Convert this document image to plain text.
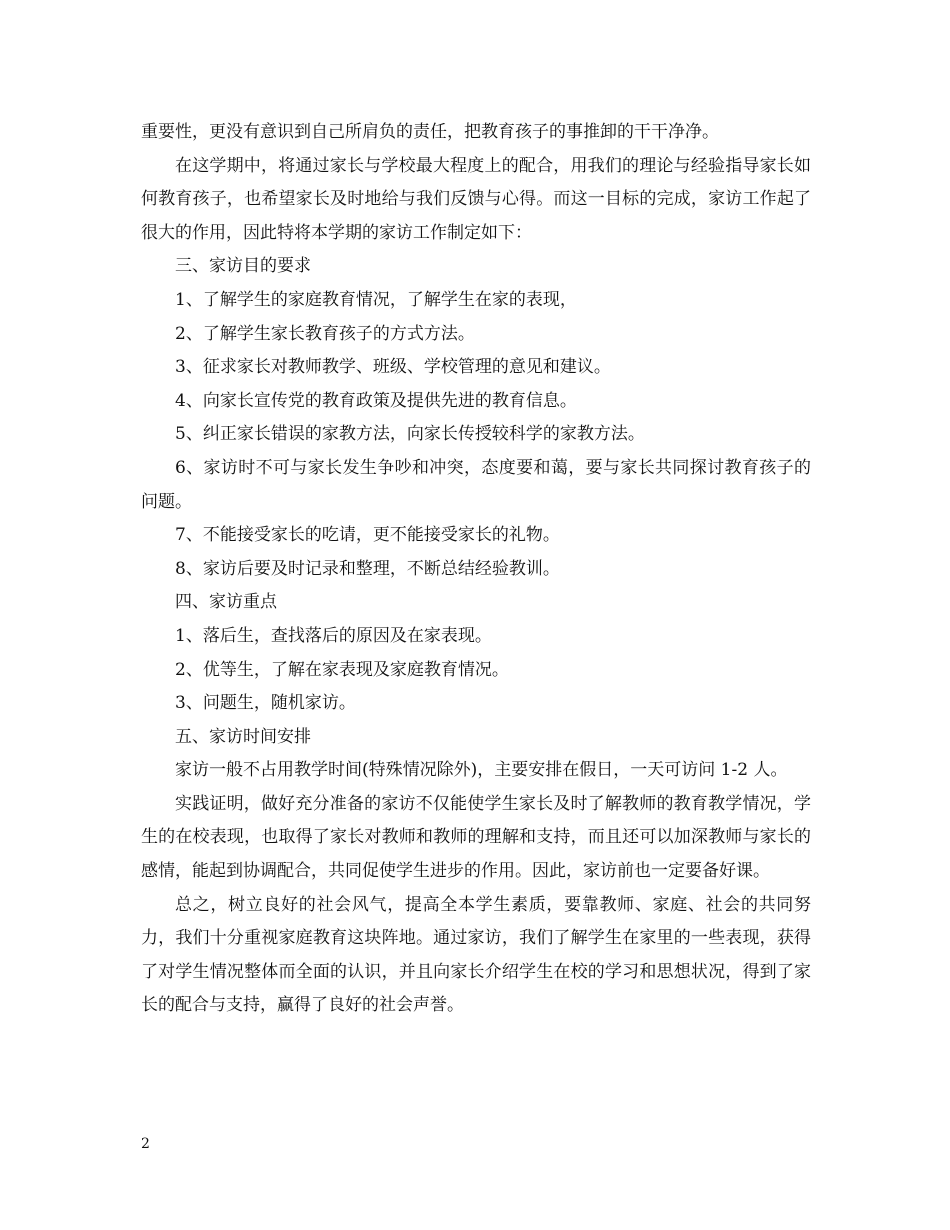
重要性，更没有意识到自己所肩负的责任，把教育孩子的事推卸的干干净净。

在这学期中，将通过家长与学校最大程度上的配合，用我们的理论与经验指导家长如何教育孩子，也希望家长及时地给与我们反馈与心得。而这一目标的完成，家访工作起了很大的作用，因此特将本学期的家访工作制定如下：

三、家访目的要求

1、了解学生的家庭教育情况，了解学生在家的表现，

2、了解学生家长教育孩子的方式方法。

3、征求家长对教师教学、班级、学校管理的意见和建议。

4、向家长宣传党的教育政策及提供先进的教育信息。

5、纠正家长错误的家教方法，向家长传授较科学的家教方法。

6、家访时不可与家长发生争吵和冲突，态度要和蔼，要与家长共同探讨教育孩子的问题。

7、不能接受家长的吃请，更不能接受家长的礼物。

8、家访后要及时记录和整理，不断总结经验教训。

四、家访重点

1、落后生，查找落后的原因及在家表现。

2、优等生，了解在家表现及家庭教育情况。

3、问题生，随机家访。

五、家访时间安排

家访一般不占用教学时间(特殊情况除外)，主要安排在假日，一天可访问 1-2 人。

实践证明，做好充分准备的家访不仅能使学生家长及时了解教师的教育教学情况，学生的在校表现，也取得了家长对教师和教师的理解和支持，而且还可以加深教师与家长的感情，能起到协调配合，共同促使学生进步的作用。因此，家访前也一定要备好课。

总之，树立良好的社会风气，提高全本学生素质，要靠教师、家庭、社会的共同努力，我们十分重视家庭教育这块阵地。通过家访，我们了解学生在家里的一些表现，获得了对学生情况整体而全面的认识，并且向家长介绍学生在校的学习和思想状况，得到了家长的配合与支持，赢得了良好的社会声誉。

2
